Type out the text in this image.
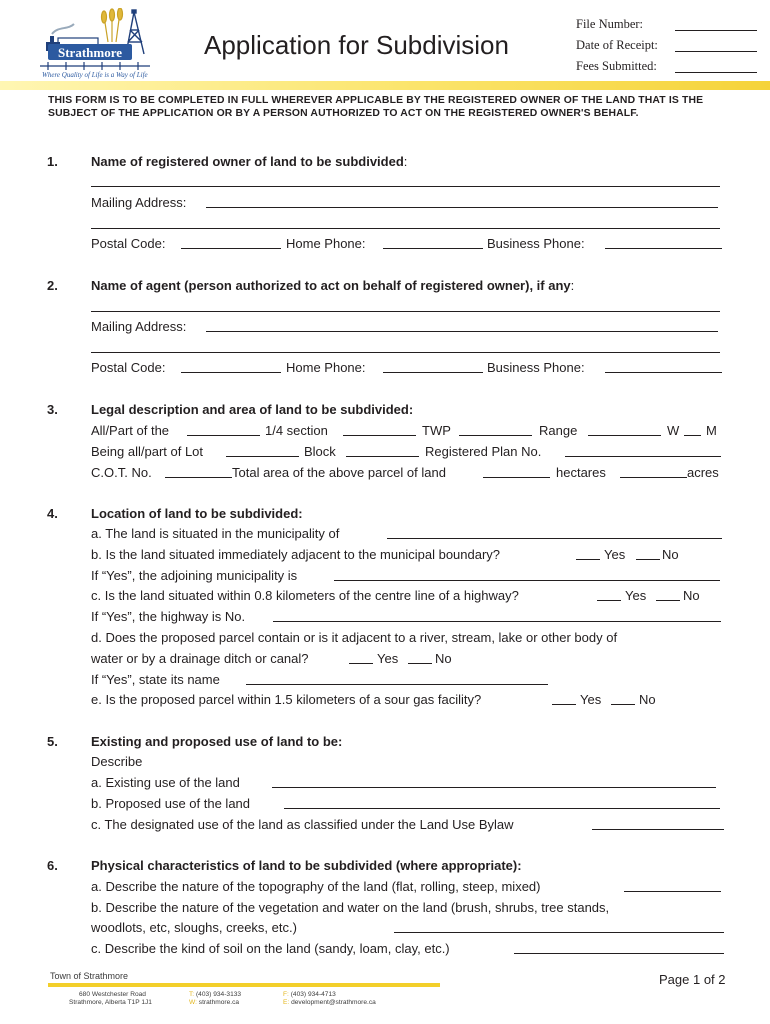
Strathmore
Where Quality of Life is a Way of Life
Application for Subdivision
File Number:
Date of Receipt:
Fees Submitted:
THIS FORM IS TO BE COMPLETED IN FULL WHEREVER APPLICABLE BY THE REGISTERED OWNER OF THE LAND THAT IS THE SUBJECT OF THE APPLICATION OR BY A PERSON AUTHORIZED TO ACT ON THE REGISTERED OWNER'S BEHALF.
1.	Name of registered owner of land to be subdivided:
Mailing Address:
Postal Code:	Home Phone:	Business Phone:
2.	Name of agent (person authorized to act on behalf of registered owner), if any:
Mailing Address:
Postal Code:	Home Phone:	Business Phone:
3.	Legal description and area of land to be subdivided:
All/Part of the	1/4 section	TWP	Range	W M
Being all/part of Lot	Block	Registered Plan No.
C.O.T. No.	Total area of the above parcel of land	hectares	acres
4.	Location of land to be subdivided:
a. The land is situated in the municipality of
b. Is the land situated immediately adjacent to the municipal boundary?	Yes	No
If “Yes”, the adjoining municipality is
c. Is the land situated within 0.8 kilometers of the centre line of a highway?	Yes	No
If “Yes”, the highway is No.
d. Does the proposed parcel contain or is it adjacent to a river, stream, lake or other body of
water or by a drainage ditch or canal?	Yes	No
If “Yes”, state its name
e. Is the proposed parcel within 1.5 kilometers of a sour gas facility?	Yes	No
5.	Existing and proposed use of land to be:
Describe
a. Existing use of the land
b. Proposed use of the land
c. The designated use of the land as classified under the Land Use Bylaw
6.	Physical characteristics of land to be subdivided (where appropriate):
a. Describe the nature of the topography of the land (flat, rolling, steep, mixed)
b. Describe the nature of the vegetation and water on the land (brush, shrubs, tree stands,
woodlots, etc, sloughs, creeks, etc.)
c. Describe the kind of soil on the land (sandy, loam, clay, etc.)
Town of Strathmore
680 Westchester Road
Strathmore, Alberta T1P 1J1
T: (403) 934-3133
W: strathmore.ca
F: (403) 934-4713
E: development@strathmore.ca
Page 1 of 2
